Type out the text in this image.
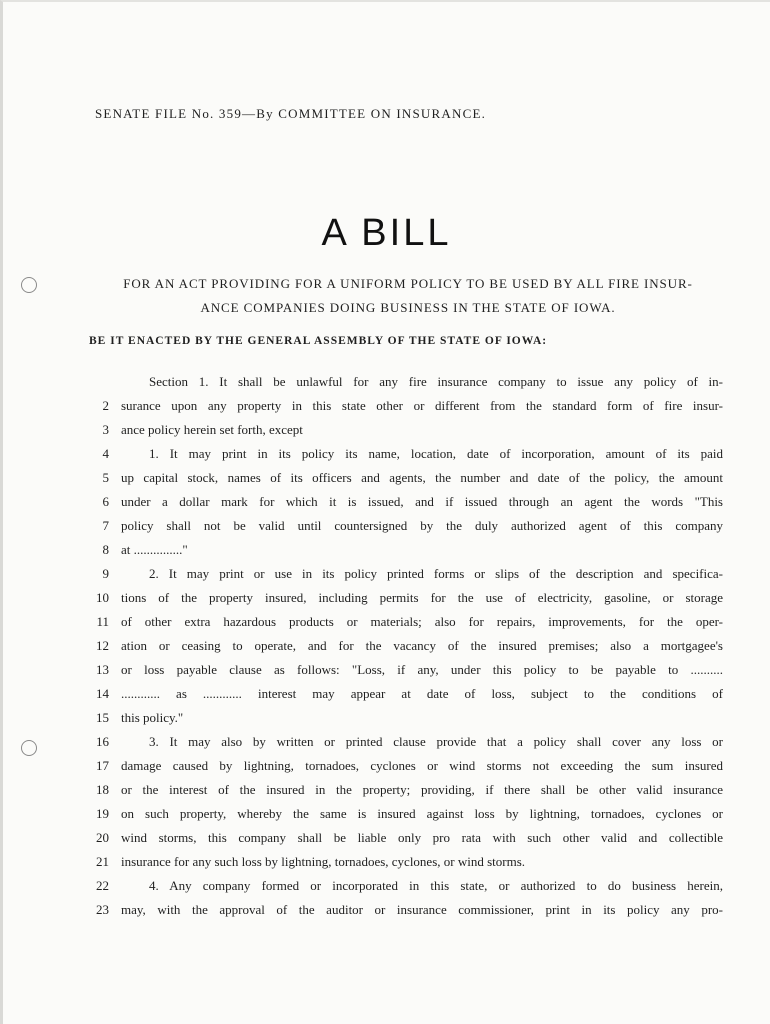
SENATE FILE No. 359—By COMMITTEE ON INSURANCE.
A BILL
FOR AN ACT PROVIDING FOR A UNIFORM POLICY TO BE USED BY ALL FIRE INSUR-
ANCE COMPANIES DOING BUSINESS IN THE STATE OF IOWA.
BE IT ENACTED BY THE GENERAL ASSEMBLY OF THE STATE OF IOWA:
Section 1. It shall be unlawful for any fire insurance company to issue any policy of in-
2 surance upon any property in this state other or different from the standard form of fire insur-
3 ance policy herein set forth, except
4	1. It may print in its policy its name, location, date of incorporation, amount of its paid
5 up capital stock, names of its officers and agents, the number and date of the policy, the amount
6 under a dollar mark for which it is issued, and if issued through an agent the words "This
7 policy shall not be valid until countersigned by the duly authorized agent of this company
8 at ..............."
9	2. It may print or use in its policy printed forms or slips of the description and specifica-
10 tions of the property insured, including permits for the use of electricity, gasoline, or storage
11 of other extra hazardous products or materials; also for repairs, improvements, for the oper-
12 ation or ceasing to operate, and for the vacancy of the insured premises; also a mortgagee's
13 or loss payable clause as follows: "Loss, if any, under this policy to be payable to ..........
14 ............ as ............ interest may appear at date of loss, subject to the conditions of
15 this policy."
16	3. It may also by written or printed clause provide that a policy shall cover any loss or
17 damage caused by lightning, tornadoes, cyclones or wind storms not exceeding the sum insured
18 or the interest of the insured in the property; providing, if there shall be other valid insurance
19 on such property, whereby the same is insured against loss by lightning, tornadoes, cyclones or
20 wind storms, this company shall be liable only pro rata with such other valid and collectible
21 insurance for any such loss by lightning, tornadoes, cyclones, or wind storms.
22	4. Any company formed or incorporated in this state, or authorized to do business herein,
23 may, with the approval of the auditor or insurance commissioner, print in its policy any pro-
